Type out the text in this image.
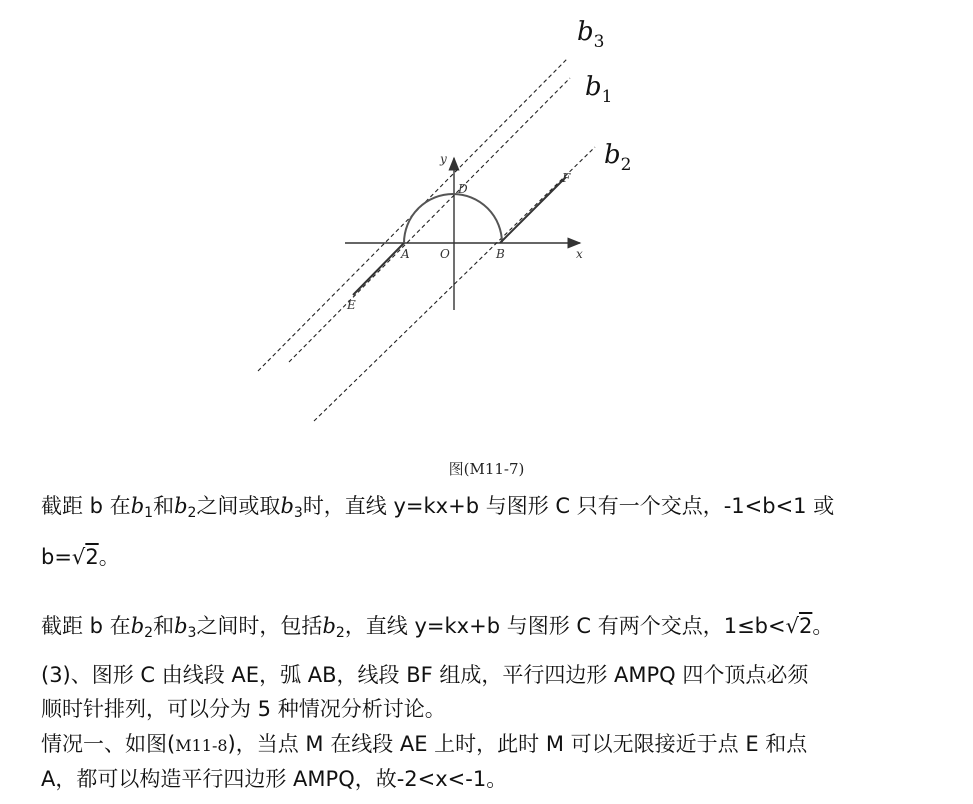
$b_3$
$b_1$
$b_2$
y
x
D
A	O	B
E
F
图(M11-7)
截距 b 在$b_1$和$b_2$之间或取$b_3$时，直线 y=kx+b 与图形 C 只有一个交点，-1<b<1 或
b=√2。
截距 b 在$b_2$和$b_3$之间时，包括$b_2$，直线 y=kx+b 与图形 C 有两个交点，1≤b<√2。
(3)、图形 C 由线段 AE，弧 AB，线段 BF 组成，平行四边形 AMPQ 四个顶点必须
顺时针排列，可以分为 5 种情况分析讨论。
情况一、如图(M11-8)，当点 M 在线段 AE 上时，此时 M 可以无限接近于点 E 和点
A，都可以构造平行四边形 AMPQ，故-2<x<-1。
